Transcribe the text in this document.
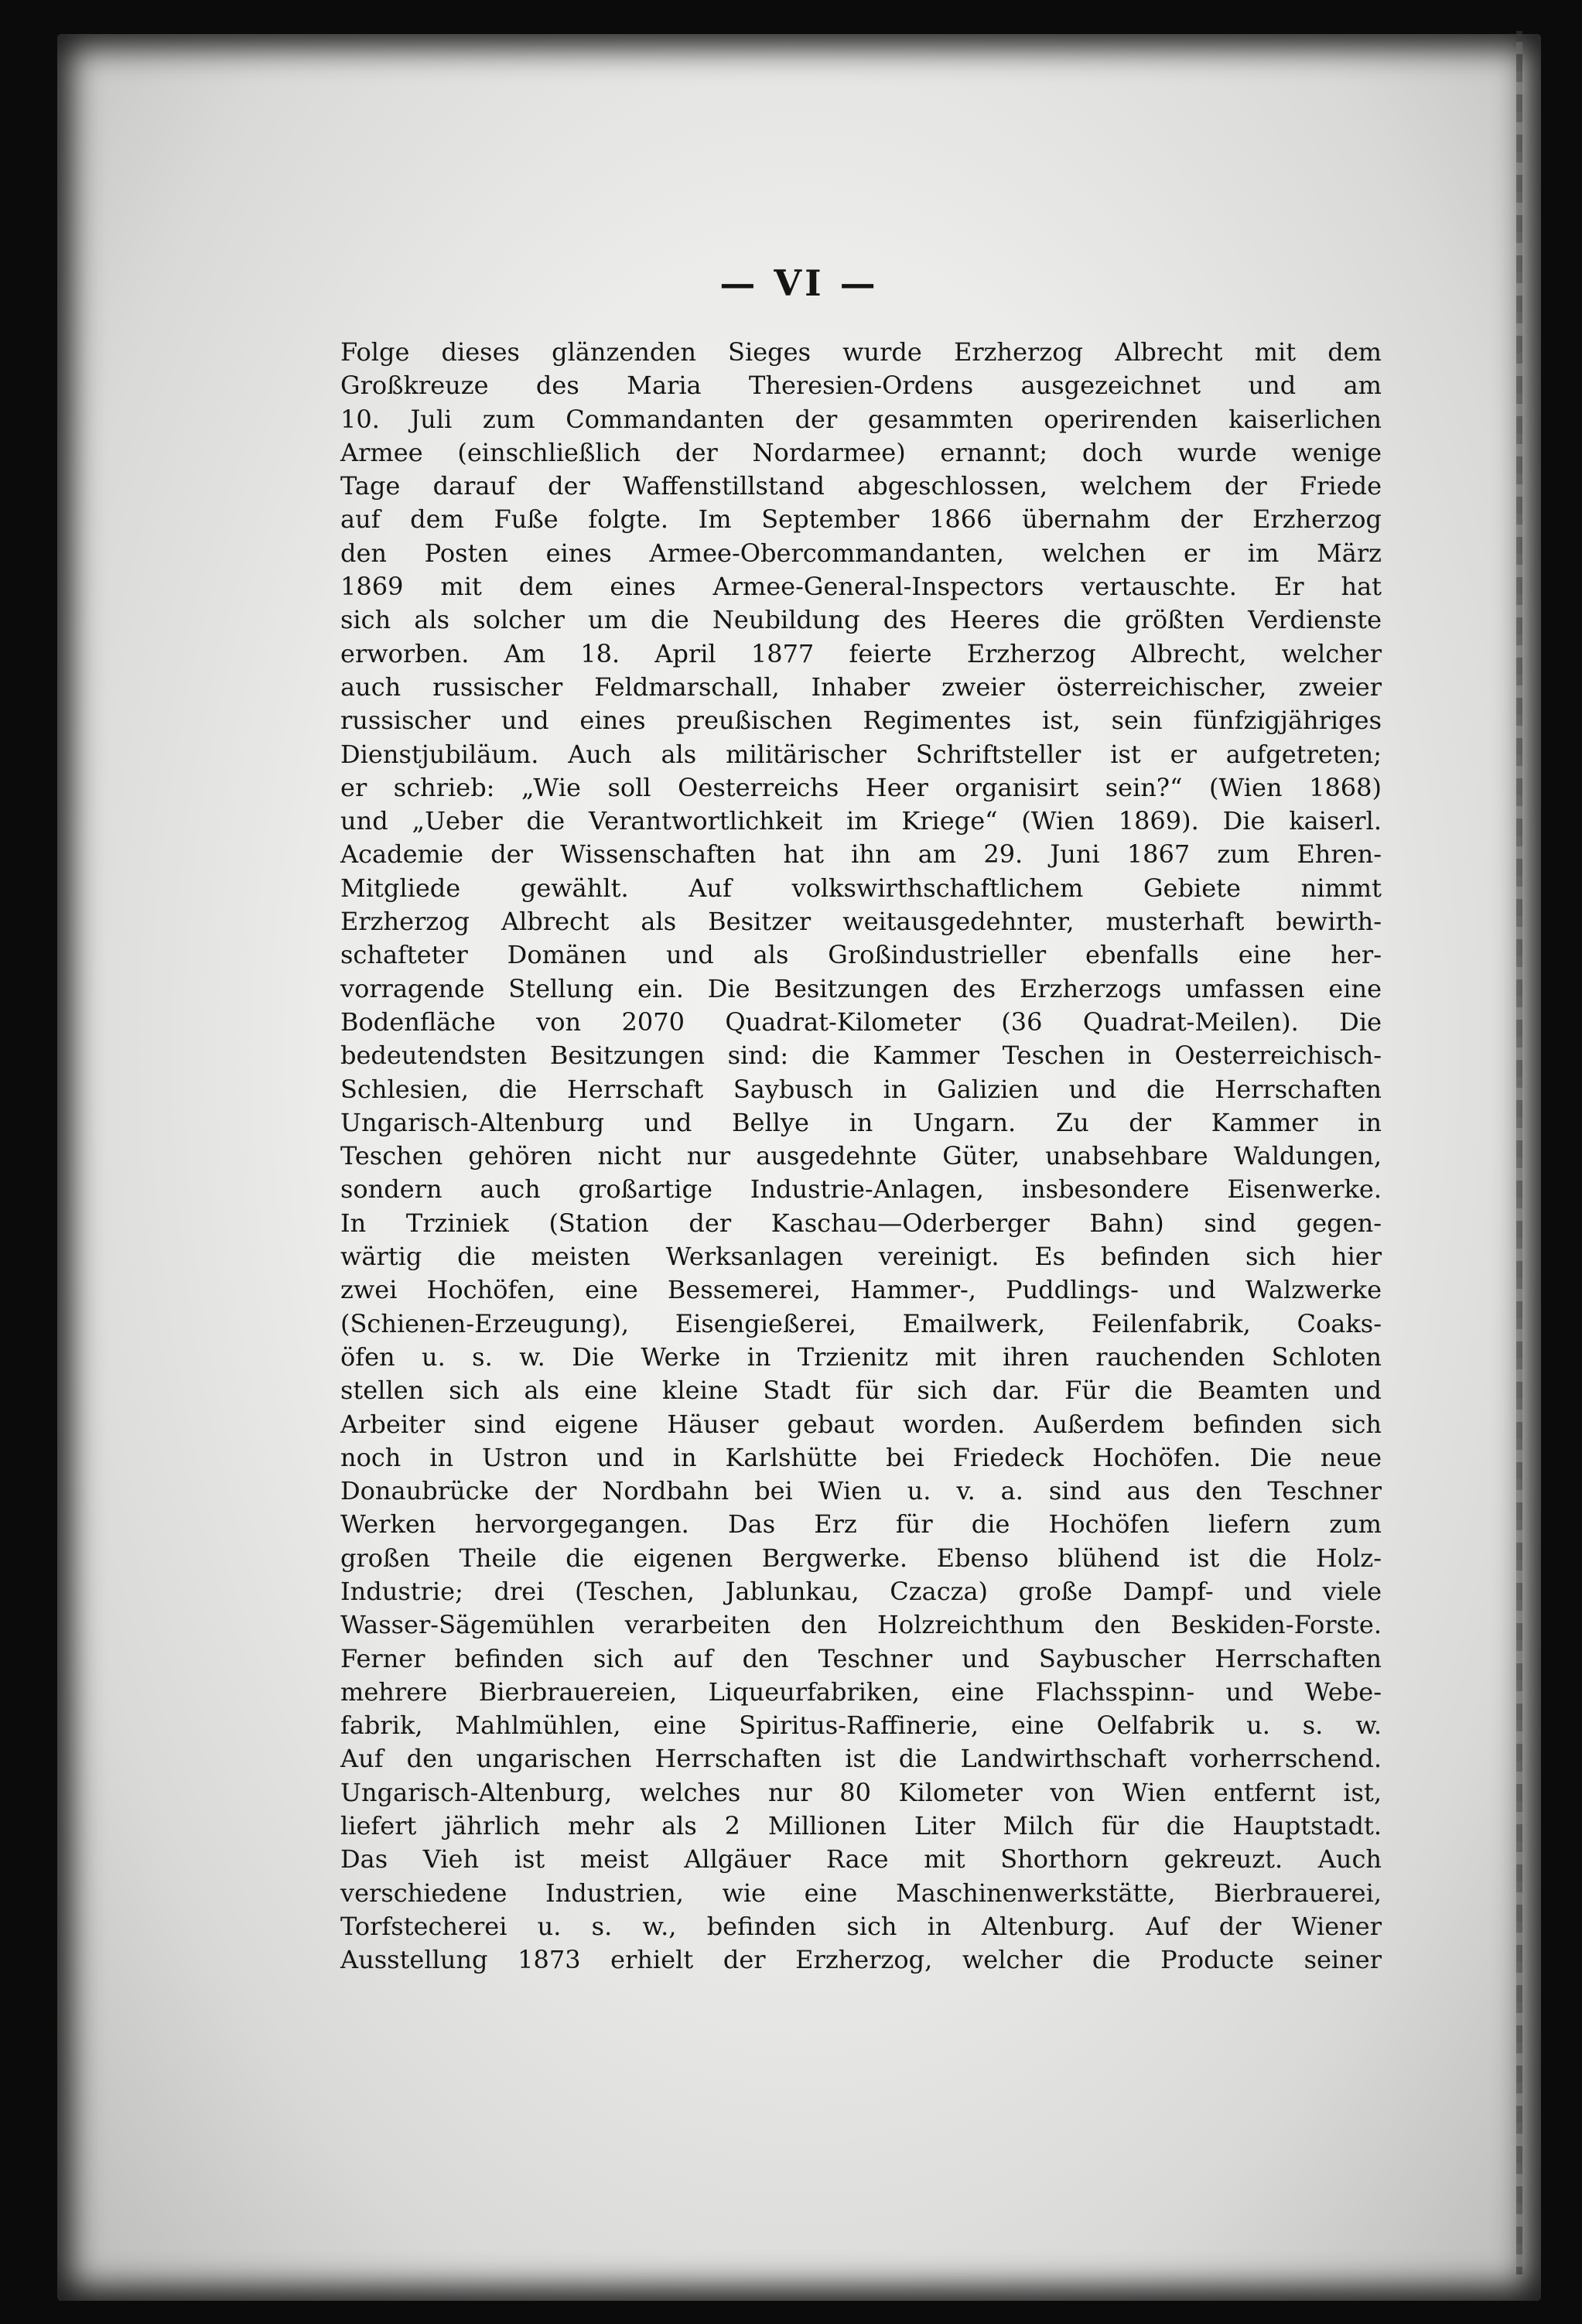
— VI —
Folge dieses glänzenden Sieges wurde Erzherzog Albrecht mit dem
Großkreuze des Maria Theresien-Ordens ausgezeichnet und am
10. Juli zum Commandanten der gesammten operirenden kaiserlichen
Armee (einschließlich der Nordarmee) ernannt; doch wurde wenige
Tage darauf der Waffenstillstand abgeschlossen, welchem der Friede
auf dem Fuße folgte. Im September 1866 übernahm der Erzherzog
den Posten eines Armee-Obercommandanten, welchen er im März
1869 mit dem eines Armee-General-Inspectors vertauschte. Er hat
sich als solcher um die Neubildung des Heeres die größten Verdienste
erworben. Am 18. April 1877 feierte Erzherzog Albrecht, welcher
auch russischer Feldmarschall, Inhaber zweier österreichischer, zweier
russischer und eines preußischen Regimentes ist, sein fünfzigjähriges
Dienstjubiläum. Auch als militärischer Schriftsteller ist er aufgetreten;
er schrieb: „Wie soll Oesterreichs Heer organisirt sein?“ (Wien 1868)
und „Ueber die Verantwortlichkeit im Kriege“ (Wien 1869). Die kaiserl.
Academie der Wissenschaften hat ihn am 29. Juni 1867 zum Ehren-
Mitgliede gewählt. Auf volkswirthschaftlichem Gebiete nimmt
Erzherzog Albrecht als Besitzer weitausgedehnter, musterhaft bewirth-
schafteter Domänen und als Großindustrieller ebenfalls eine her-
vorragende Stellung ein. Die Besitzungen des Erzherzogs umfassen eine
Bodenfläche von 2070 Quadrat-Kilometer (36 Quadrat-Meilen). Die
bedeutendsten Besitzungen sind: die Kammer Teschen in Oesterreichisch-
Schlesien, die Herrschaft Saybusch in Galizien und die Herrschaften
Ungarisch-Altenburg und Bellye in Ungarn. Zu der Kammer in
Teschen gehören nicht nur ausgedehnte Güter, unabsehbare Waldungen,
sondern auch großartige Industrie-Anlagen, insbesondere Eisenwerke.
In Trziniek (Station der Kaschau—Oderberger Bahn) sind gegen-
wärtig die meisten Werksanlagen vereinigt. Es befinden sich hier
zwei Hochöfen, eine Bessemerei, Hammer-, Puddlings- und Walzwerke
(Schienen-Erzeugung), Eisengießerei, Emailwerk, Feilenfabrik, Coaks-
öfen u. s. w. Die Werke in Trzienitz mit ihren rauchenden Schloten
stellen sich als eine kleine Stadt für sich dar. Für die Beamten und
Arbeiter sind eigene Häuser gebaut worden. Außerdem befinden sich
noch in Ustron und in Karlshütte bei Friedeck Hochöfen. Die neue
Donaubrücke der Nordbahn bei Wien u. v. a. sind aus den Teschner
Werken hervorgegangen. Das Erz für die Hochöfen liefern zum
großen Theile die eigenen Bergwerke. Ebenso blühend ist die Holz-
Industrie; drei (Teschen, Jablunkau, Czacza) große Dampf- und viele
Wasser-Sägemühlen verarbeiten den Holzreichthum den Beskiden-Forste.
Ferner befinden sich auf den Teschner und Saybuscher Herrschaften
mehrere Bierbrauereien, Liqueurfabriken, eine Flachsspinn- und Webe-
fabrik, Mahlmühlen, eine Spiritus-Raffinerie, eine Oelfabrik u. s. w.
Auf den ungarischen Herrschaften ist die Landwirthschaft vorherrschend.
Ungarisch-Altenburg, welches nur 80 Kilometer von Wien entfernt ist,
liefert jährlich mehr als 2 Millionen Liter Milch für die Hauptstadt.
Das Vieh ist meist Allgäuer Race mit Shorthorn gekreuzt. Auch
verschiedene Industrien, wie eine Maschinenwerkstätte, Bierbrauerei,
Torfstecherei u. s. w., befinden sich in Altenburg. Auf der Wiener
Ausstellung 1873 erhielt der Erzherzog, welcher die Producte seiner
